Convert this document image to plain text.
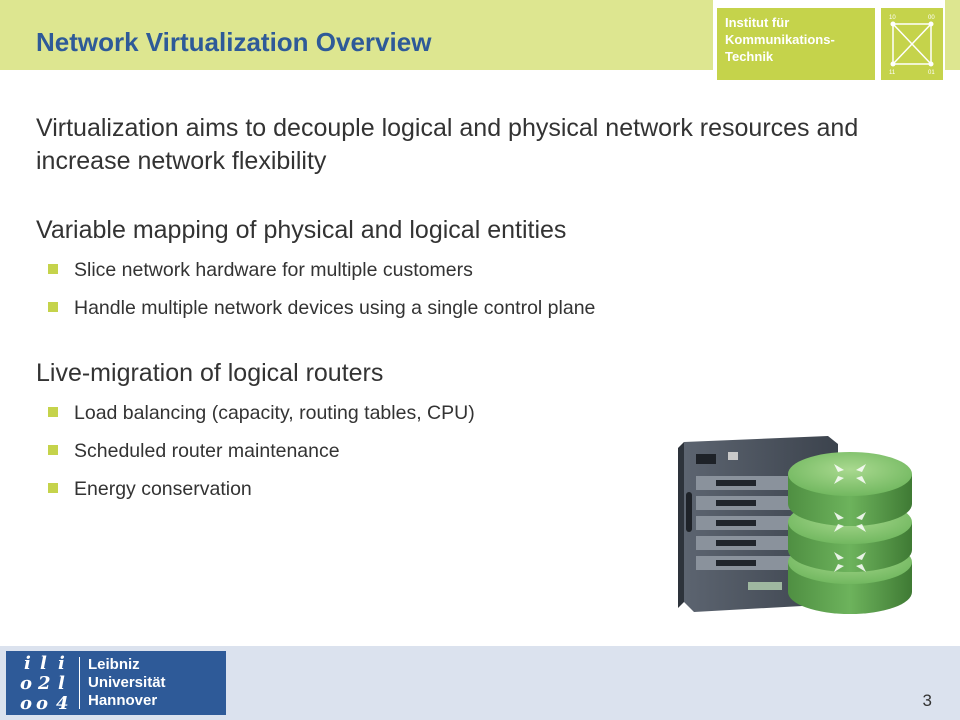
Network Virtualization Overview
Institut für
Kommunikations-
Technik
10	00
11	01

Virtualization aims to decouple logical and physical network resources and increase network flexibility

Variable mapping of physical and logical entities

Slice network hardware for multiple customers
Handle multiple network devices using a single control plane

Live-migration of logical routers

Load balancing (capacity, routing tables, CPU)
Scheduled router maintenance
Energy conservation
i l i
o 2 l
o o 4
Leibniz
Universität
Hannover	3
